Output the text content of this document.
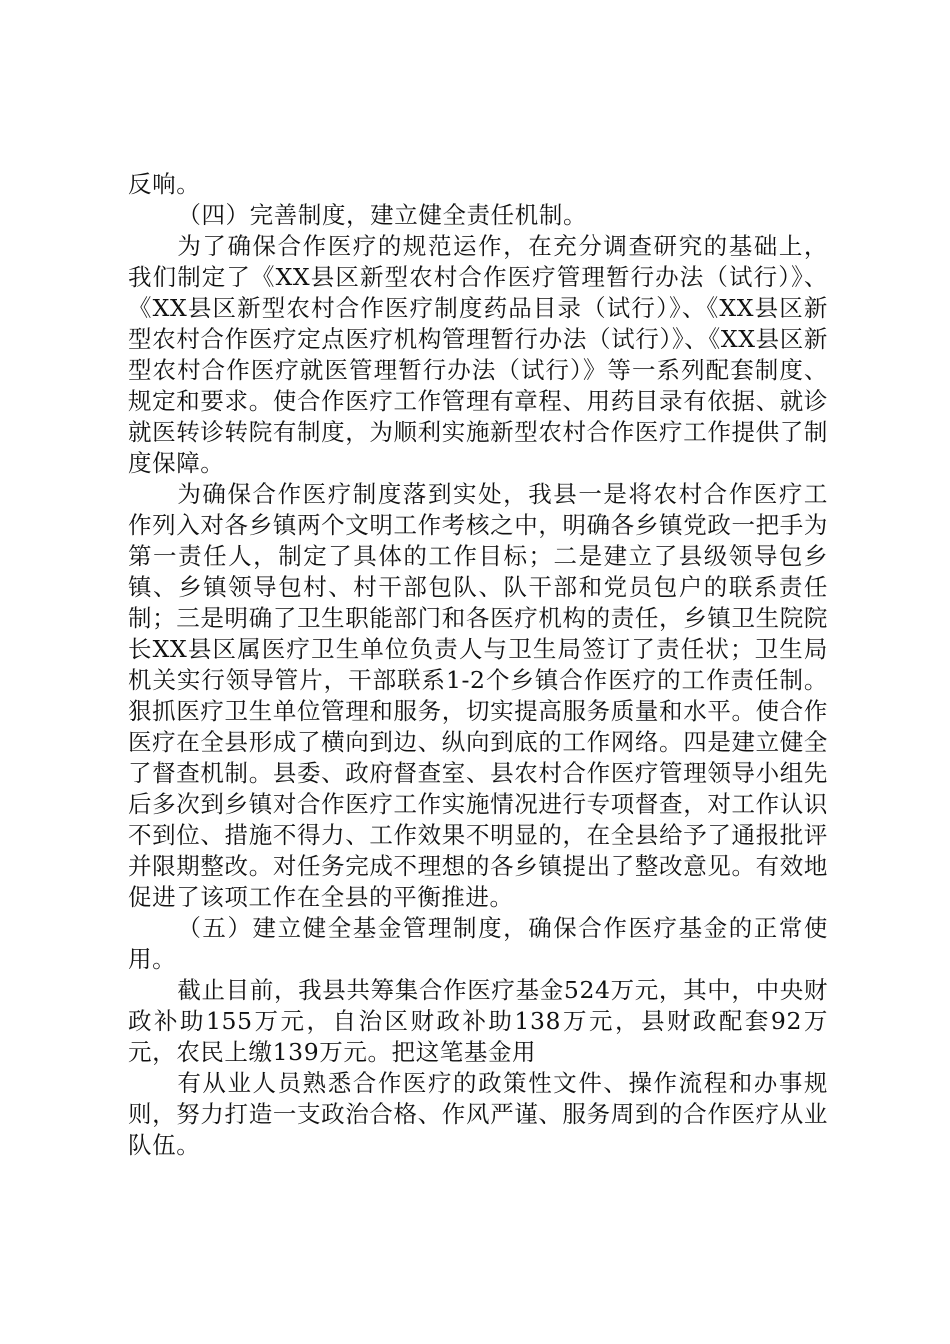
反响。

（四）完善制度，建立健全责任机制。

为了确保合作医疗的规范运作，在充分调查研究的基础上，我们制定了《XX县区新型农村合作医疗管理暂行办法（试行）》、《XX县区新型农村合作医疗制度药品目录（试行）》、《XX县区新型农村合作医疗定点医疗机构管理暂行办法（试行）》、《XX县区新型农村合作医疗就医管理暂行办法（试行）》等一系列配套制度、规定和要求。使合作医疗工作管理有章程、用药目录有依据、就诊就医转诊转院有制度，为顺利实施新型农村合作医疗工作提供了制度保障。

为确保合作医疗制度落到实处，我县一是将农村合作医疗工作列入对各乡镇两个文明工作考核之中，明确各乡镇党政一把手为第一责任人，制定了具体的工作目标；二是建立了县级领导包乡镇、乡镇领导包村、村干部包队、队干部和党员包户的联系责任制；三是明确了卫生职能部门和各医疗机构的责任，乡镇卫生院院长XX县区属医疗卫生单位负责人与卫生局签订了责任状；卫生局机关实行领导管片，干部联系1-2个乡镇合作医疗的工作责任制。狠抓医疗卫生单位管理和服务，切实提高服务质量和水平。使合作医疗在全县形成了横向到边、纵向到底的工作网络。四是建立健全了督查机制。县委、政府督查室、县农村合作医疗管理领导小组先后多次到乡镇对合作医疗工作实施情况进行专项督查，对工作认识不到位、措施不得力、工作效果不明显的，在全县给予了通报批评并限期整改。对任务完成不理想的各乡镇提出了整改意见。有效地促进了该项工作在全县的平衡推进。

（五）建立健全基金管理制度，确保合作医疗基金的正常使用。

截止目前，我县共筹集合作医疗基金524万元，其中，中央财政补助155万元，自治区财政补助138万元，县财政配套92万元，农民上缴139万元。把这笔基金用

有从业人员熟悉合作医疗的政策性文件、操作流程和办事规则，努力打造一支政治合格、作风严谨、服务周到的合作医疗从业队伍。
